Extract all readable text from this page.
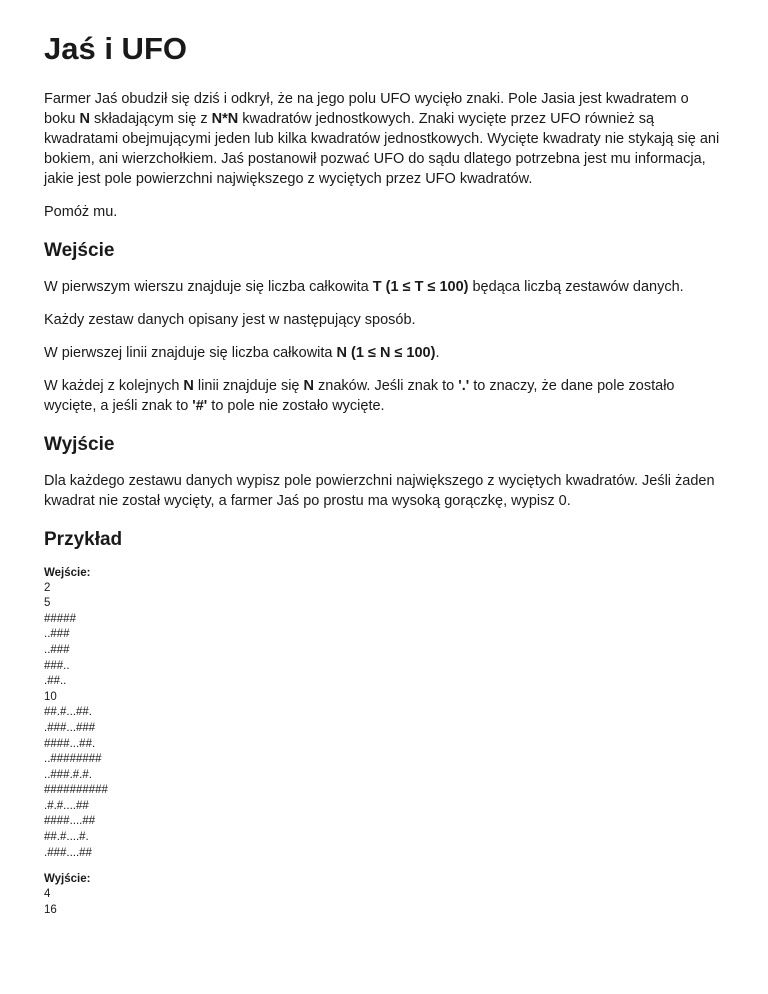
Jaś i UFO

Farmer Jaś obudził się dziś i odkrył, że na jego polu UFO wycięło znaki. Pole Jasia jest kwadratem o boku N składającym się z N*N kwadratów jednostkowych. Znaki wycięte przez UFO również są kwadratami obejmującymi jeden lub kilka kwadratów jednostkowych. Wycięte kwadraty nie stykają się ani bokiem, ani wierzchołkiem. Jaś postanowił pozwać UFO do sądu dlatego potrzebna jest mu informacja, jakie jest pole powierzchni największego z wyciętych przez UFO kwadratów.

Pomóż mu.

Wejście

W pierwszym wierszu znajduje się liczba całkowita T (1 ≤ T ≤ 100) będąca liczbą zestawów danych.

Każdy zestaw danych opisany jest w następujący sposób.

W pierwszej linii znajduje się liczba całkowita N (1 ≤ N ≤ 100).

W każdej z kolejnych N linii znajduje się N znaków. Jeśli znak to '.' to znaczy, że dane pole zostało wycięte, a jeśli znak to '#' to pole nie zostało wycięte.

Wyjście

Dla każdego zestawu danych wypisz pole powierzchni największego z wyciętych kwadratów. Jeśli żaden kwadrat nie został wycięty, a farmer Jaś po prostu ma wysoką gorączkę, wypisz 0.

Przykład
Wejście:
2
5
#####
..###
..###
###..
.##..
10
##.#...##.
.###...###
####...##.
..########
..###.#.#.
##########
.#.#....##
####....##
##.#....#.
.###....##
Wyjście:
4
16
